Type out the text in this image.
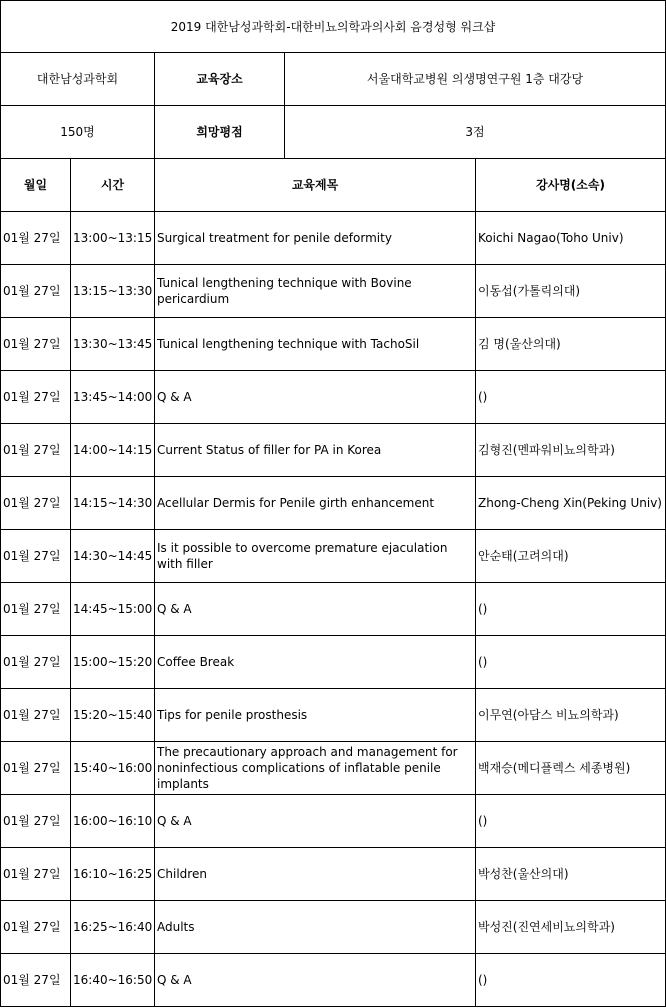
2019 대한남성과학회-대한비뇨의학과의사회 음경성형 워크샵				
대한남성과학회		교육장소	서울대학교병원 의생명연구원 1층 대강당	
150명		희망평점	3점	
월일	시간	교육제목		강사명(소속)
01월 27일	13:00~13:15	Surgical treatment for penile deformity		Koichi Nagao(Toho Univ)
01월 27일	13:15~13:30	Tunical lengthening technique with Bovine pericardium		이동섭(가톨릭의대)
01월 27일	13:30~13:45	Tunical lengthening technique with TachoSil		김 명(울산의대)
01월 27일	13:45~14:00	Q & A		()
01월 27일	14:00~14:15	Current Status of filler for PA in Korea		김형진(멘파워비뇨의학과)
01월 27일	14:15~14:30	Acellular Dermis for Penile girth enhancement		Zhong-Cheng Xin(Peking Univ)
01월 27일	14:30~14:45	Is it possible to overcome premature ejaculation with filler		안순태(고려의대)
01월 27일	14:45~15:00	Q & A		()
01월 27일	15:00~15:20	Coffee Break		()
01월 27일	15:20~15:40	Tips for penile prosthesis		이무연(아담스 비뇨의학과)
01월 27일	15:40~16:00	The precautionary approach and management for noninfectious complications of inflatable penile implants		백재승(메디플렉스 세종병원)
01월 27일	16:00~16:10	Q & A		()
01월 27일	16:10~16:25	Children		박성찬(울산의대)
01월 27일	16:25~16:40	Adults		박성진(진연세비뇨의학과)
01월 27일	16:40~16:50	Q & A		()
